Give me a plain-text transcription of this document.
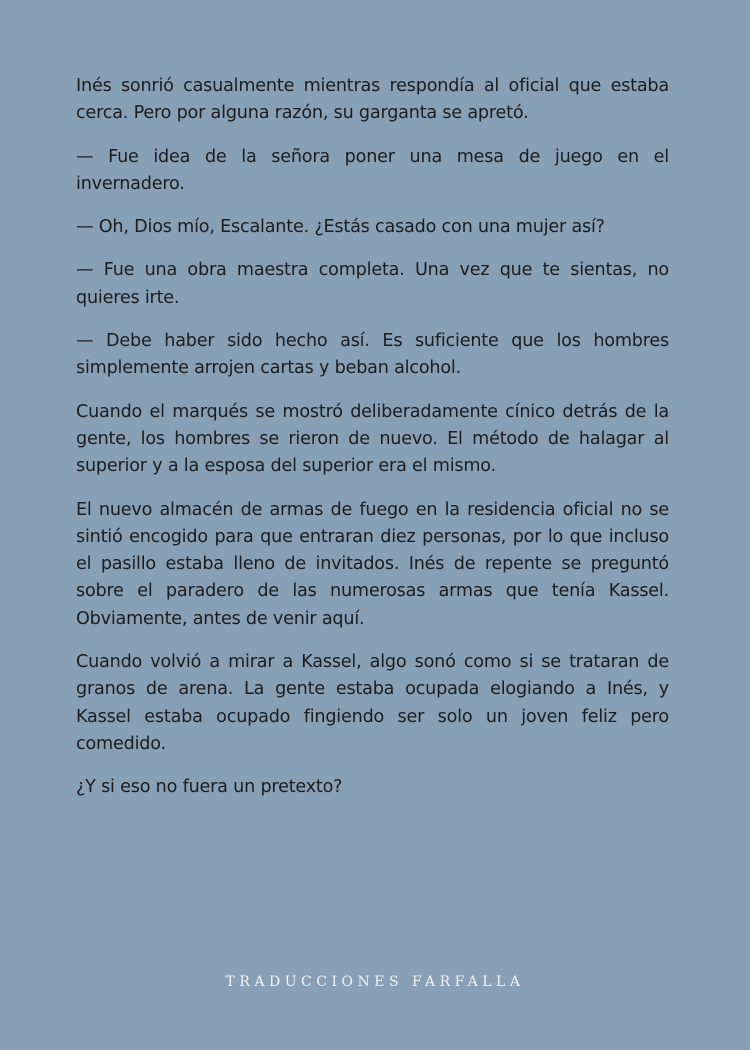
Inés sonrió casualmente mientras respondía al oficial que estaba cerca. Pero por alguna razón, su garganta se apretó.

— Fue idea de la señora poner una mesa de juego en el invernadero.

— Oh, Dios mío, Escalante. ¿Estás casado con una mujer así?

— Fue una obra maestra completa. Una vez que te sientas, no quieres irte.

— Debe haber sido hecho así. Es suficiente que los hombres simplemente arrojen cartas y beban alcohol.

Cuando el marqués se mostró deliberadamente cínico detrás de la gente, los hombres se rieron de nuevo. El método de halagar al superior y a la esposa del superior era el mismo.

El nuevo almacén de armas de fuego en la residencia oficial no se sintió encogido para que entraran diez personas, por lo que incluso el pasillo estaba lleno de invitados. Inés de repente se preguntó sobre el paradero de las numerosas armas que tenía Kassel. Obviamente, antes de venir aquí.

Cuando volvió a mirar a Kassel, algo sonó como si se trataran de granos de arena. La gente estaba ocupada elogiando a Inés, y Kassel estaba ocupado fingiendo ser solo un joven feliz pero comedido.

¿Y si eso no fuera un pretexto?

TRADUCCIONES FARFALLA
